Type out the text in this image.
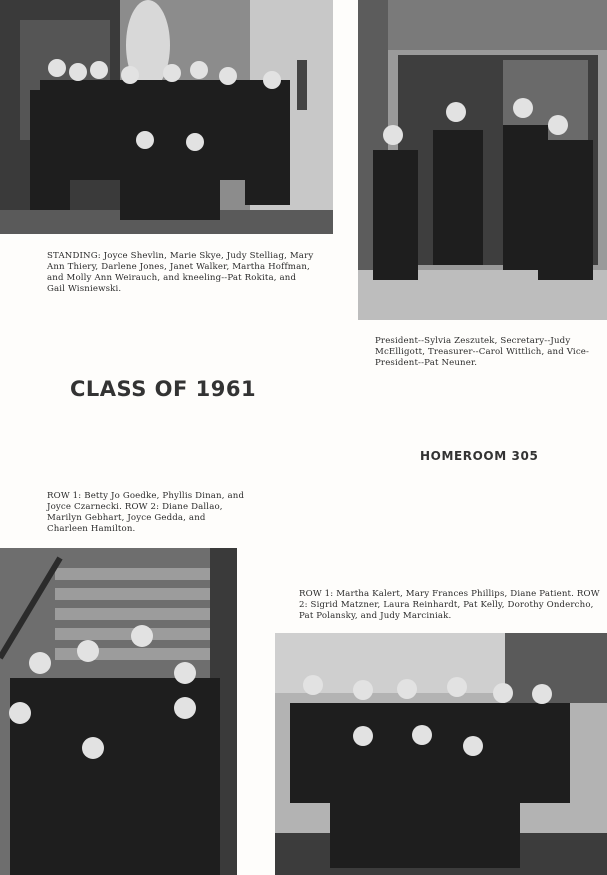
STANDING: Joyce Shevlin, Marie Skye, Judy Stelliag, Mary Ann Thiery, Darlene Jones, Janet Walker, Martha Hoffman, and Molly Ann Weirauch, and kneeling--Pat Rokita, and Gail Wisniewski.

President--Sylvia Zeszutek, Secretary--Judy McElligott, Treasurer--Carol Wittlich, and Vice-President--Pat Neuner.

CLASS OF 1961

HOMEROOM 305

ROW 1: Betty Jo Goedke, Phyllis Dinan, and Joyce Czarnecki. ROW 2: Diane Dallao, Marilyn Gebhart, Joyce Gedda, and Charleen Hamilton.

ROW 1: Martha Kalert, Mary Frances Phillips, Diane Patient. ROW 2: Sigrid Matzner, Laura Reinhardt, Pat Kelly, Dorothy Ondercho, Pat Polansky, and Judy Marciniak.
